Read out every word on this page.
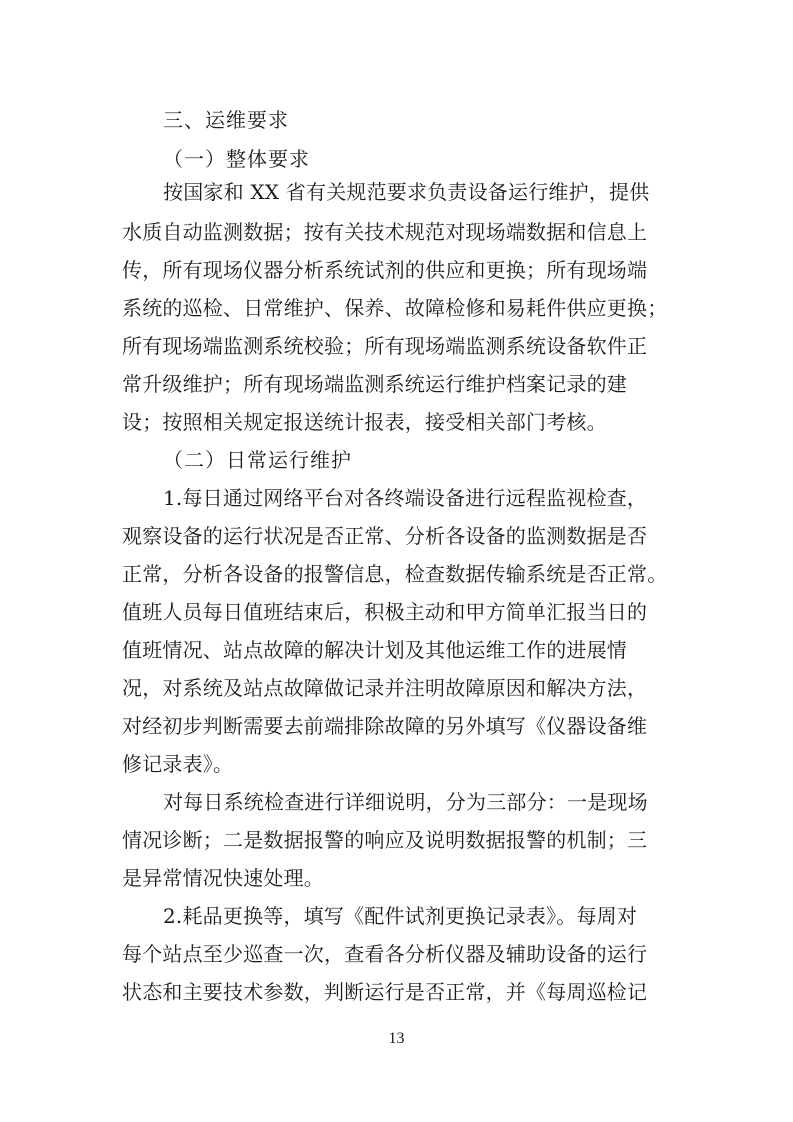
三、运维要求
（一）整体要求
按国家和 XX 省有关规范要求负责设备运行维护，提供
水质自动监测数据；按有关技术规范对现场端数据和信息上
传，所有现场仪器分析系统试剂的供应和更换；所有现场端
系统的巡检、日常维护、保养、故障检修和易耗件供应更换；
所有现场端监测系统校验；所有现场端监测系统设备软件正
常升级维护；所有现场端监测系统运行维护档案记录的建
设；按照相关规定报送统计报表，接受相关部门考核。
（二）日常运行维护
1.每日通过网络平台对各终端设备进行远程监视检查，
观察设备的运行状况是否正常、分析各设备的监测数据是否
正常，分析各设备的报警信息，检查数据传输系统是否正常。
值班人员每日值班结束后，积极主动和甲方简单汇报当日的
值班情况、站点故障的解决计划及其他运维工作的进展情
况，对系统及站点故障做记录并注明故障原因和解决方法，
对经初步判断需要去前端排除故障的另外填写《仪器设备维
修记录表》。
对每日系统检查进行详细说明，分为三部分：一是现场
情况诊断；二是数据报警的响应及说明数据报警的机制；三
是异常情况快速处理。
2.耗品更换等，填写《配件试剂更换记录表》。每周对
每个站点至少巡查一次，查看各分析仪器及辅助设备的运行
状态和主要技术参数，判断运行是否正常，并《每周巡检记
13
